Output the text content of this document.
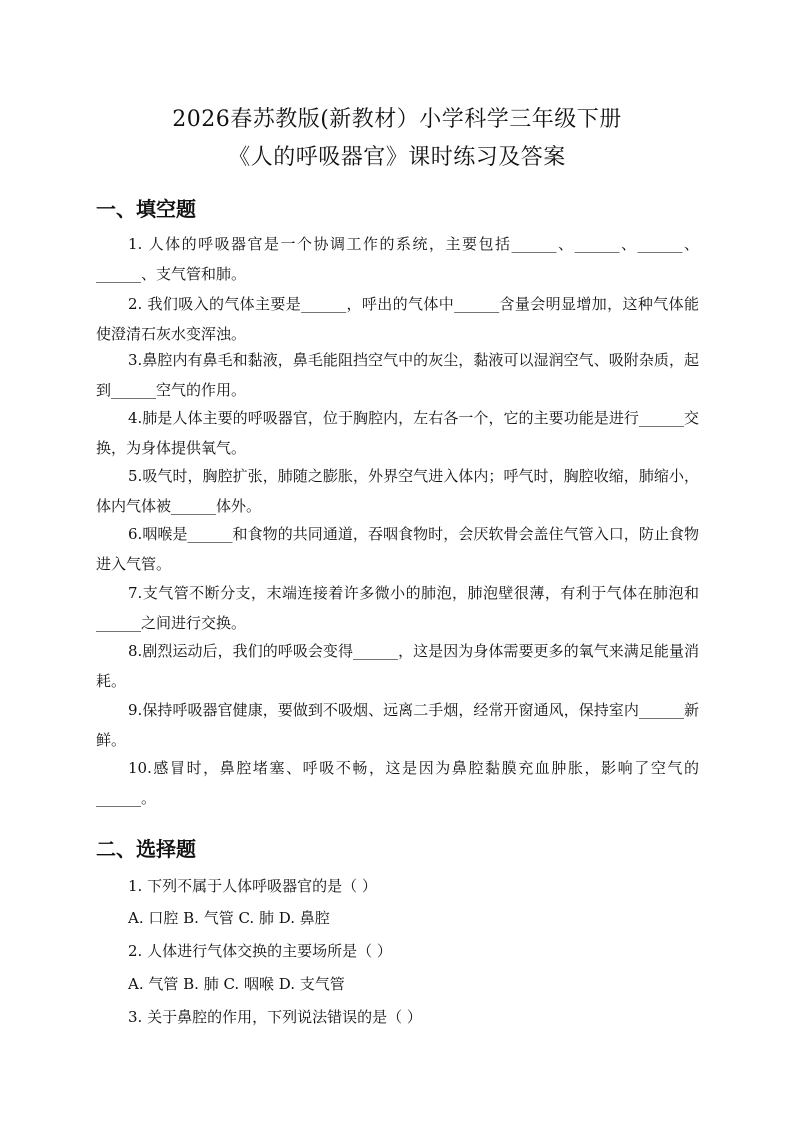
2026春苏教版(新教材）小学科学三年级下册
《人的呼吸器官》课时练习及答案
一、填空题
1. 人体的呼吸器官是一个协调工作的系统，主要包括______、______、______、______、支气管和肺。
2. 我们吸入的气体主要是______，呼出的气体中______含量会明显增加，这种气体能使澄清石灰水变浑浊。
3.鼻腔内有鼻毛和黏液，鼻毛能阻挡空气中的灰尘，黏液可以湿润空气、吸附杂质，起到______空气的作用。
4.肺是人体主要的呼吸器官，位于胸腔内，左右各一个，它的主要功能是进行______交换，为身体提供氧气。
5.吸气时，胸腔扩张，肺随之膨胀，外界空气进入体内；呼气时，胸腔收缩，肺缩小，体内气体被______体外。
6.咽喉是______和食物的共同通道，吞咽食物时，会厌软骨会盖住气管入口，防止食物进入气管。
7.支气管不断分支，末端连接着许多微小的肺泡，肺泡壁很薄，有利于气体在肺泡和______之间进行交换。
8.剧烈运动后，我们的呼吸会变得______，这是因为身体需要更多的氧气来满足能量消耗。
9.保持呼吸器官健康，要做到不吸烟、远离二手烟，经常开窗通风，保持室内______新鲜。
10.感冒时，鼻腔堵塞、呼吸不畅，这是因为鼻腔黏膜充血肿胀，影响了空气的______。
二、选择题
1. 下列不属于人体呼吸器官的是（ ）
A. 口腔 B. 气管 C. 肺 D. 鼻腔
2. 人体进行气体交换的主要场所是（ ）
A. 气管 B. 肺 C. 咽喉 D. 支气管
3. 关于鼻腔的作用，下列说法错误的是（ ）
